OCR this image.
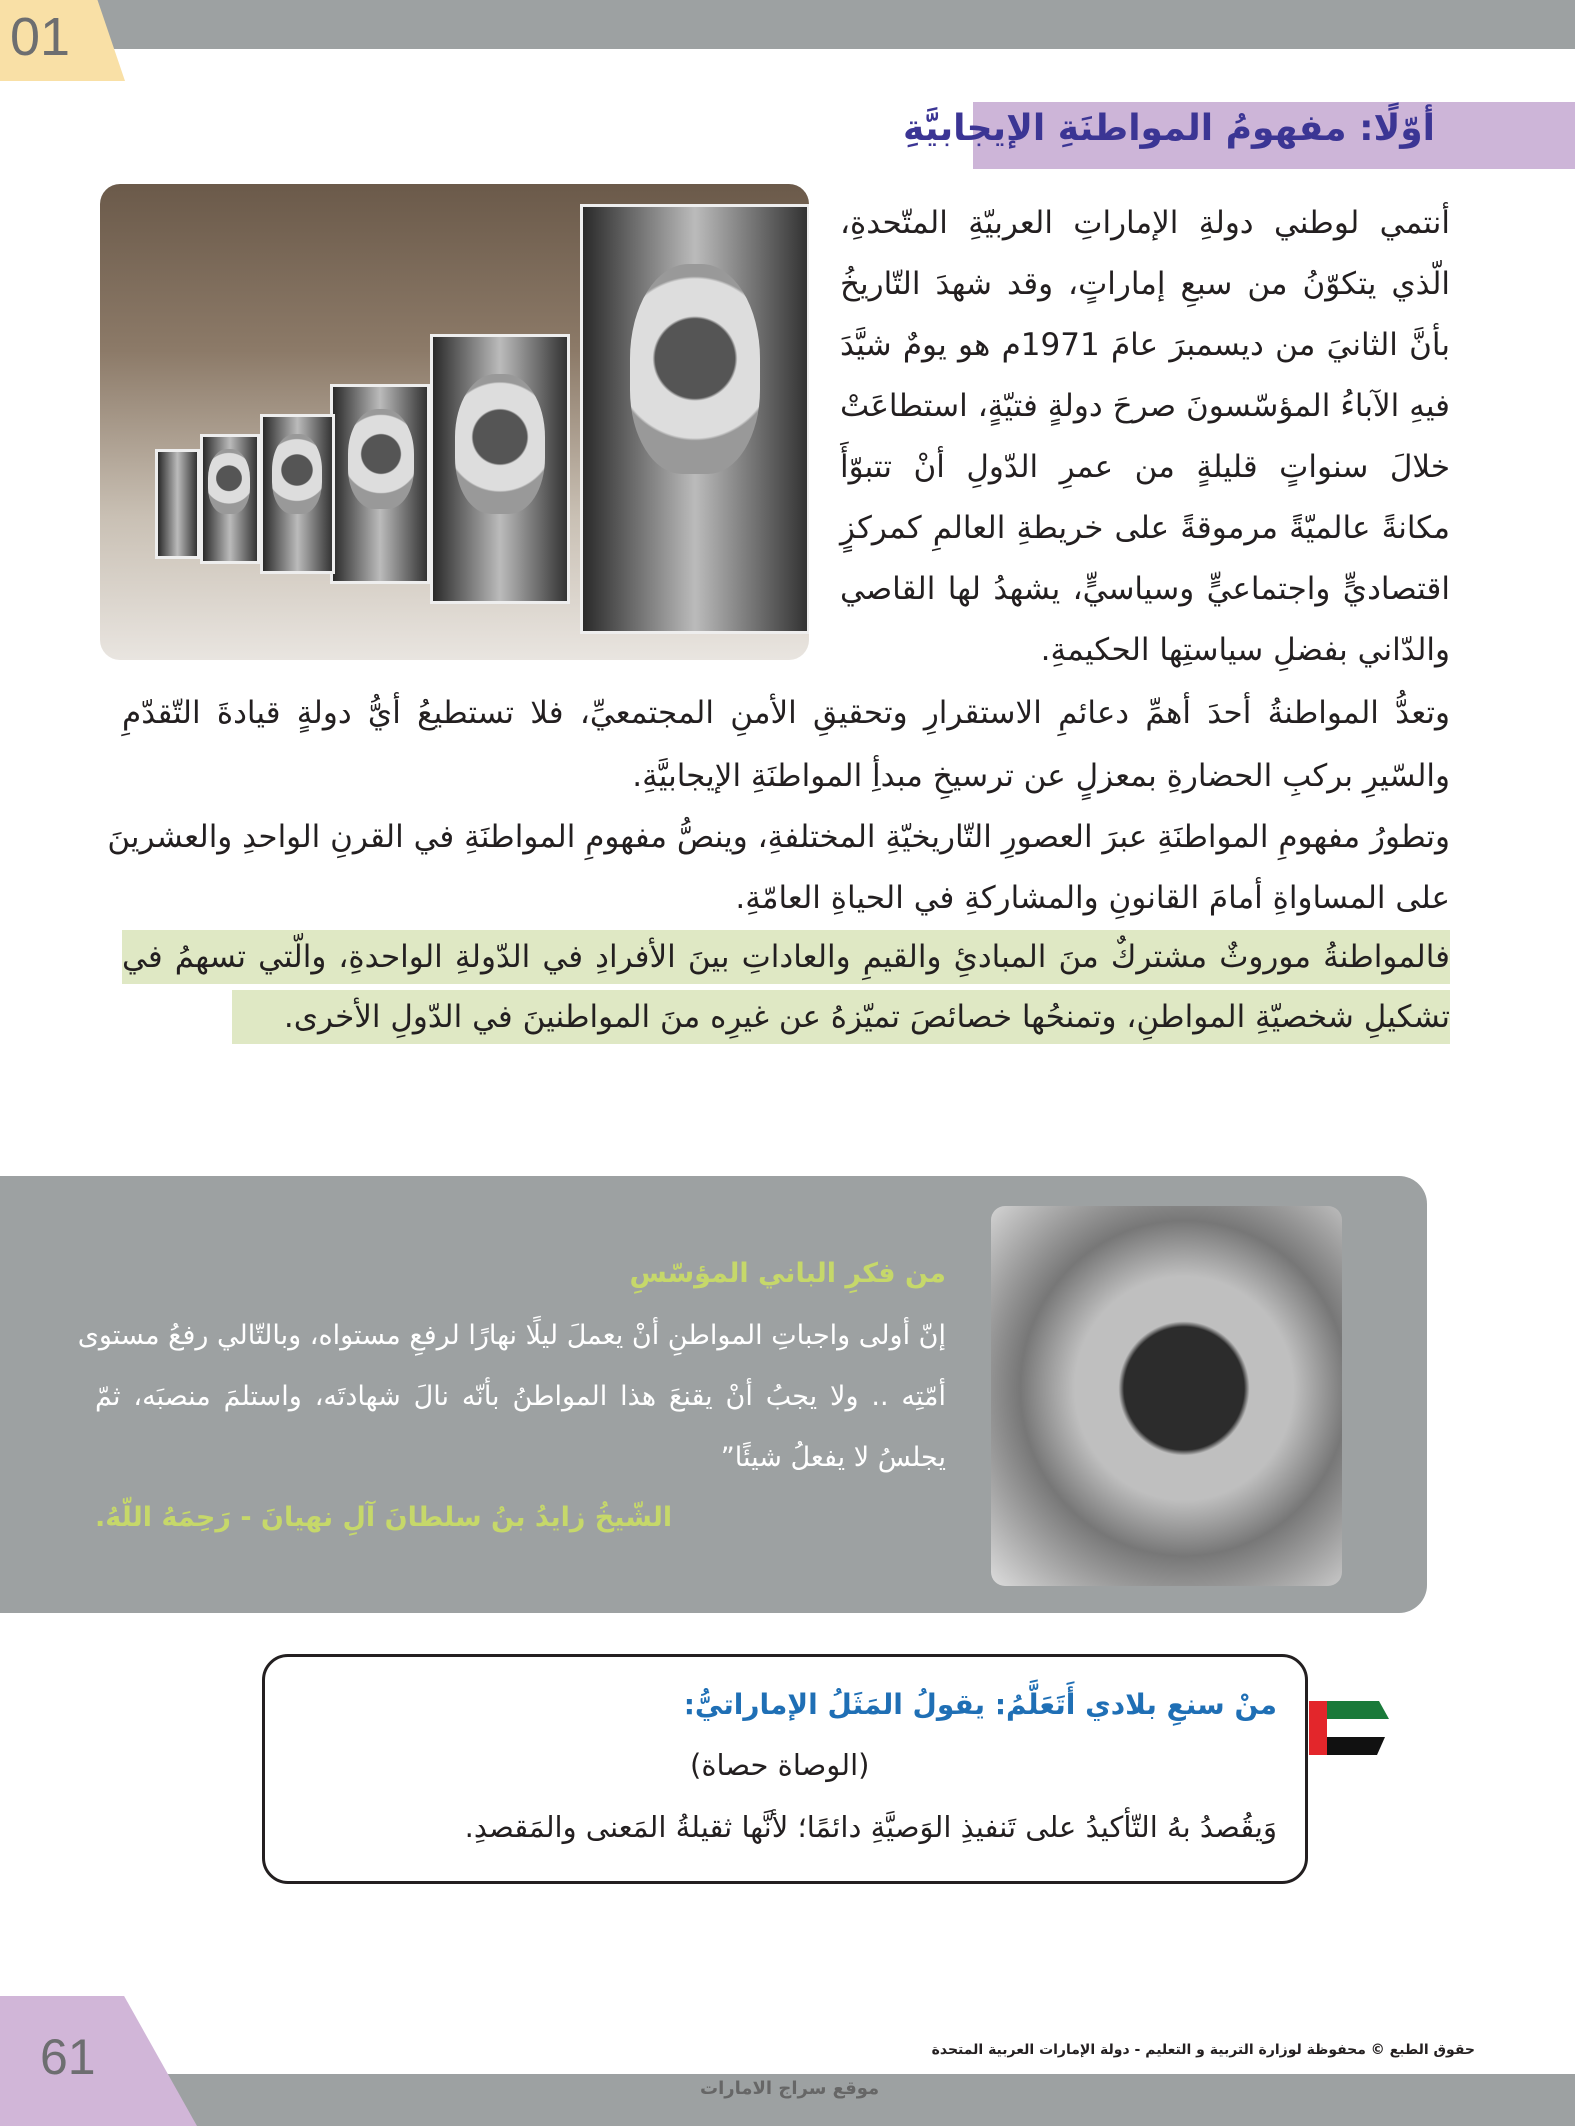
01
أوّلًا: مفهومُ المواطنَةِ الإيجابيَّةِ
أنتمي لوطني دولةِ الإماراتِ العربيّةِ المتّحدةِ،
الّذي يتكوّنُ من سبعِ إماراتٍ، وقد شهدَ التّاريخُ
بأنَّ الثانيَ من ديسمبرَ عامَ 1971م هو يومٌ شيَّدَ
فيهِ الآباءُ المؤسّسونَ صرحَ دولةٍ فتيّةٍ، استطاعَتْ
خلالَ سنواتٍ قليلةٍ من عمرِ الدّولِ أنْ تتبوّأَ
مكانةً عالميّةً مرموقةً على خريطةِ العالمِ كمركزٍ
اقتصاديٍّ واجتماعيٍّ وسياسيٍّ، يشهدُ لها القاصي
والدّاني بفضلِ سياستِها الحكيمةِ.
وتعدُّ المواطنةُ أحدَ أهمِّ دعائمِ الاستقرارِ وتحقيقِ الأمنِ المجتمعيِّ، فلا تستطيعُ أيُّ دولةٍ قيادةَ التّقدّمِ
والسّيرِ بركبِ الحضارةِ بمعزلٍ عن ترسيخِ مبدأِ المواطنَةِ الإيجابيَّةِ.
وتطورُ مفهومِ المواطنَةِ عبرَ العصورِ التّاريخيّةِ المختلفةِ، وينصُّ مفهومِ المواطنَةِ في القرنِ الواحدِ والعشرينَ
على المساواةِ أمامَ القانونِ والمشاركةِ في الحياةِ العامّةِ.
فالمواطنةُ موروثٌ مشتركٌ منَ المبادئِ والقيمِ والعاداتِ بينَ الأفرادِ في الدّولةِ الواحدةِ، والّتي تسهمُ في
تشكيلِ شخصيّةِ المواطنِ، وتمنحُها خصائصَ تميّزهُ عن غيرِه منَ المواطنينَ في الدّولِ الأخرى.
من فكرِ الباني المؤسّسِ
إنّ أولى واجباتِ المواطنِ أنْ يعملَ ليلًا نهارًا لرفعِ مستواه، وبالتّالي رفعُ مستوى
أمّتِه .. ولا يجبُ أنْ يقنعَ هذا المواطنُ بأنّه نالَ شهادتَه، واستلمَ منصبَه، ثمّ
يجلسُ لا يفعلُ شيئًا”
الشّيخُ زايدُ بنُ سلطانَ آلِ نهيانَ - رَحِمَهُ اللّهُ.
منْ سنعِ بلادي أَتَعَلَّمُ: يقولُ المَثَلُ الإماراتيُّ:
(الوصاة حصاة)
وَيقُصدُ بهُ التّأكيدُ على تَنفيذِ الوَصيَّةِ دائمًا؛ لأنَّها ثقيلةُ المَعنى والمَقصدِ.
61	حقوق الطبع © محفوظة لوزارة التربية و التعليم - دولة الإمارات العربية المتحدة
موقع سراج الامارات
